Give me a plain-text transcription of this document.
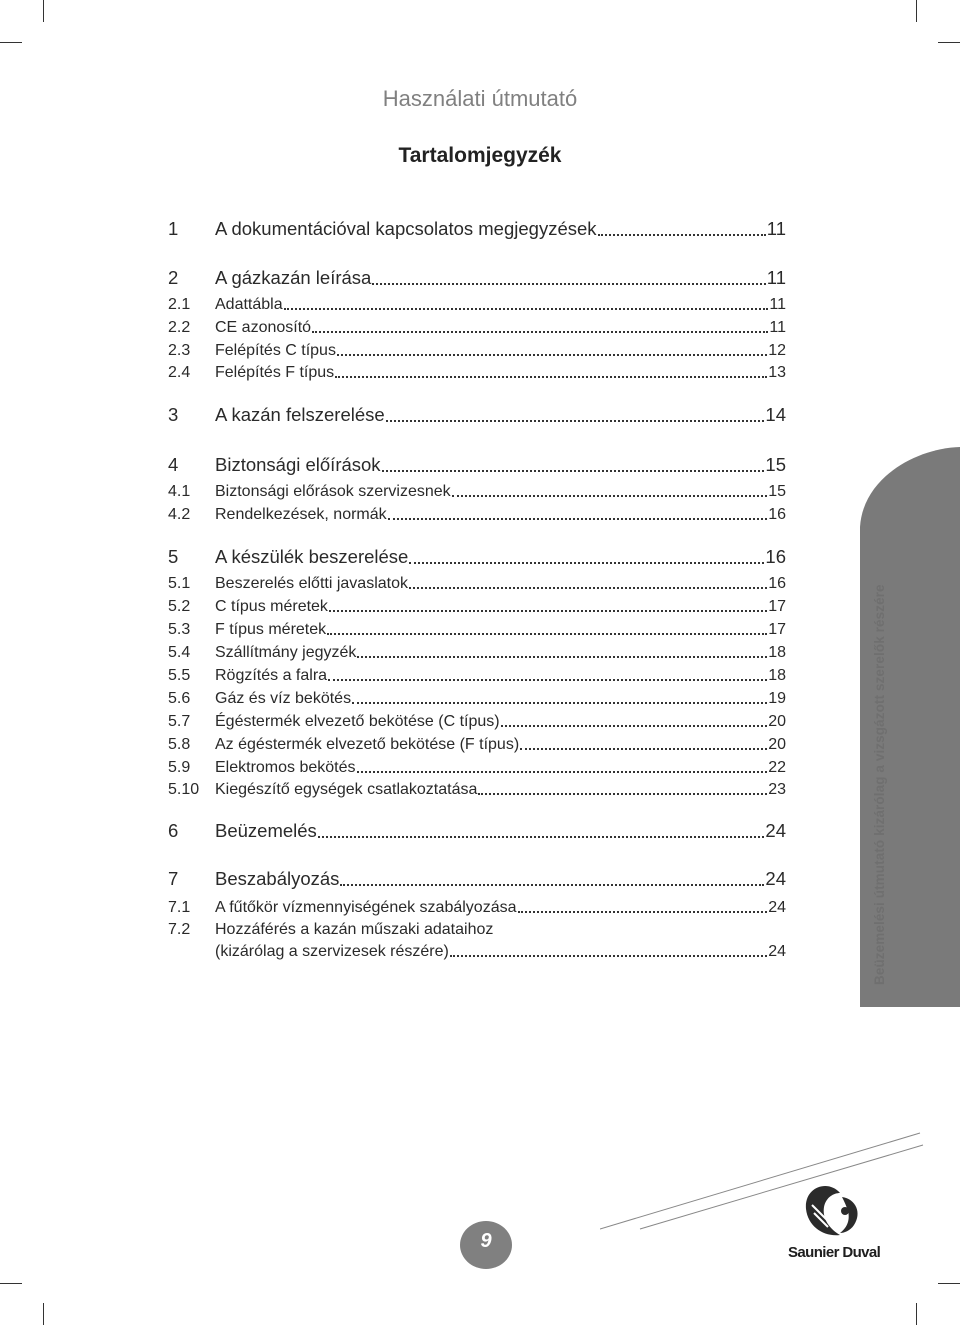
Használati útmutató
Tartalomjegyzék
1	A dokumentációval kapcsolatos megjegyzések	11
2	A gázkazán leírása	11
2.1	Adattábla	11
2.2	CE azonosító	11
2.3	Felépítés C típus	12
2.4	Felépítés F típus	13
3	A kazán felszerelése	14
4	Biztonsági előírások	15
4.1	Biztonsági előrások szervizesnek	15
4.2	Rendelkezések, normák	16
5	A készülék beszerelése	16
5.1	Beszerelés előtti javaslatok	16
5.2	C típus méretek	17
5.3	F típus méretek	17
5.4	Szállítmány jegyzék	18
5.5	Rögzítés a falra	18
5.6	Gáz és víz bekötés	19
5.7	Égéstermék elvezető bekötése (C típus)	20
5.8	Az égéstermék elvezető bekötése (F típus)	20
5.9	Elektromos bekötés	22
5.10 Kiegészítő egységek csatlakoztatása	23
6	Beüzemelés	24
7	Beszabályozás	24
7.1	A fűtőkör vízmennyiségének szabályozása	24
7.2	Hozzáférés a kazán műszaki adataihoz
(kizárólag a szervizesek részére)	24	Beüzemelési útmutató kizárólag a vizsgázott szerelők részére
9
Saunier Duval
